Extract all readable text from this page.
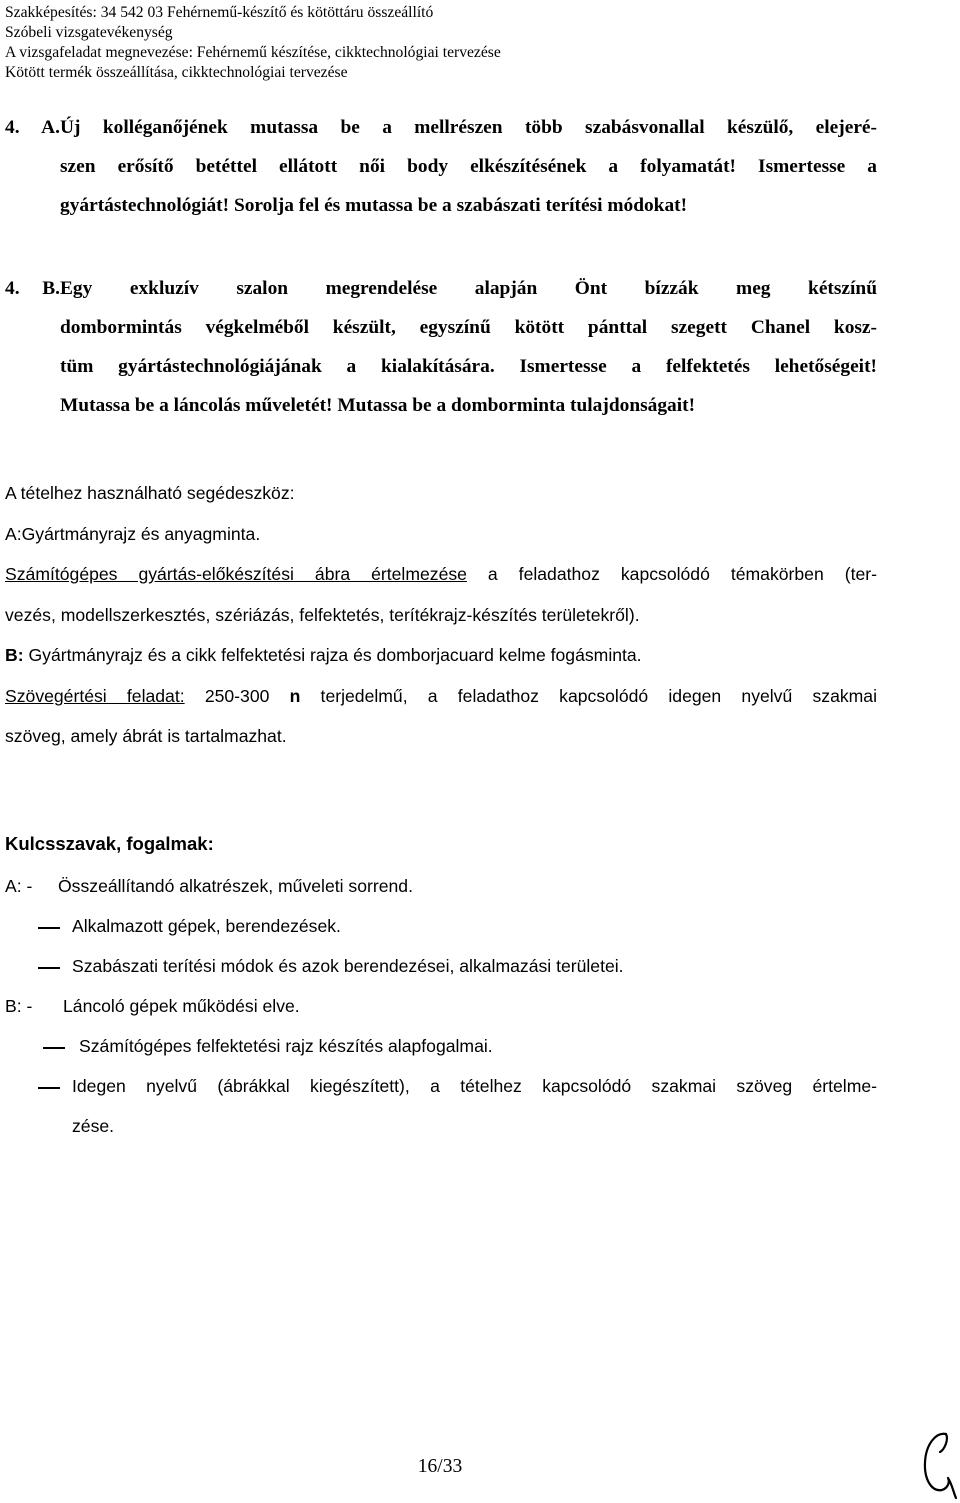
Szakképesítés: 34 542 03 Fehérnemű-készítő és kötöttáru összeállító
Szóbeli vizsgatevékenység
A vizsgafeladat megnevezése: Fehérnemű készítése, cikktechnológiai tervezése
Kötött termék összeállítása, cikktechnológiai tervezése
4. A.Új kolléganőjének mutassa be a mellrészen több szabásvonallal készülő, elejeré-
szen erősítő betéttel ellátott női body elkészítésének a folyamatát! Ismertesse a
gyártástechnológiát! Sorolja fel és mutassa be a szabászati terítési módokat!
4. B.Egy exkluzív szalon megrendelése alapján Önt bízzák meg kétszínű
dombormintás végkelméből készült, egyszínű kötött pánttal szegett Chanel kosz-
tüm gyártástechnológiájának a kialakítására. Ismertesse a felfektetés lehetőségeit!
Mutassa be a láncolás műveletét! Mutassa be a domborminta tulajdonságait!
A tételhez használható segédeszköz:
A:Gyártmányrajz és anyagminta.
Számítógépes gyártás-előkészítési ábra értelmezése a feladathoz kapcsolódó témakörben (ter-
vezés, modellszerkesztés, szériázás, felfektetés, terítékrajz-készítés területekről).
B: Gyártmányrajz és a cikk felfektetési rajza és domborjacuard kelme fogásminta.
Szövegértési feladat: 250-300 n terjedelmű, a feladathoz kapcsolódó idegen nyelvű szakmai
szöveg, amely ábrát is tartalmazhat.
Kulcsszavak, fogalmak:
A: - Összeállítandó alkatrészek, műveleti sorrend.
Alkalmazott gépek, berendezések.
Szabászati terítési módok és azok berendezései, alkalmazási területei.
B: - Láncoló gépek működési elve.
Számítógépes felfektetési rajz készítés alapfogalmai.
Idegen nyelvű (ábrákkal kiegészített), a tételhez kapcsolódó szakmai szöveg értelme-
zése.
16/33
